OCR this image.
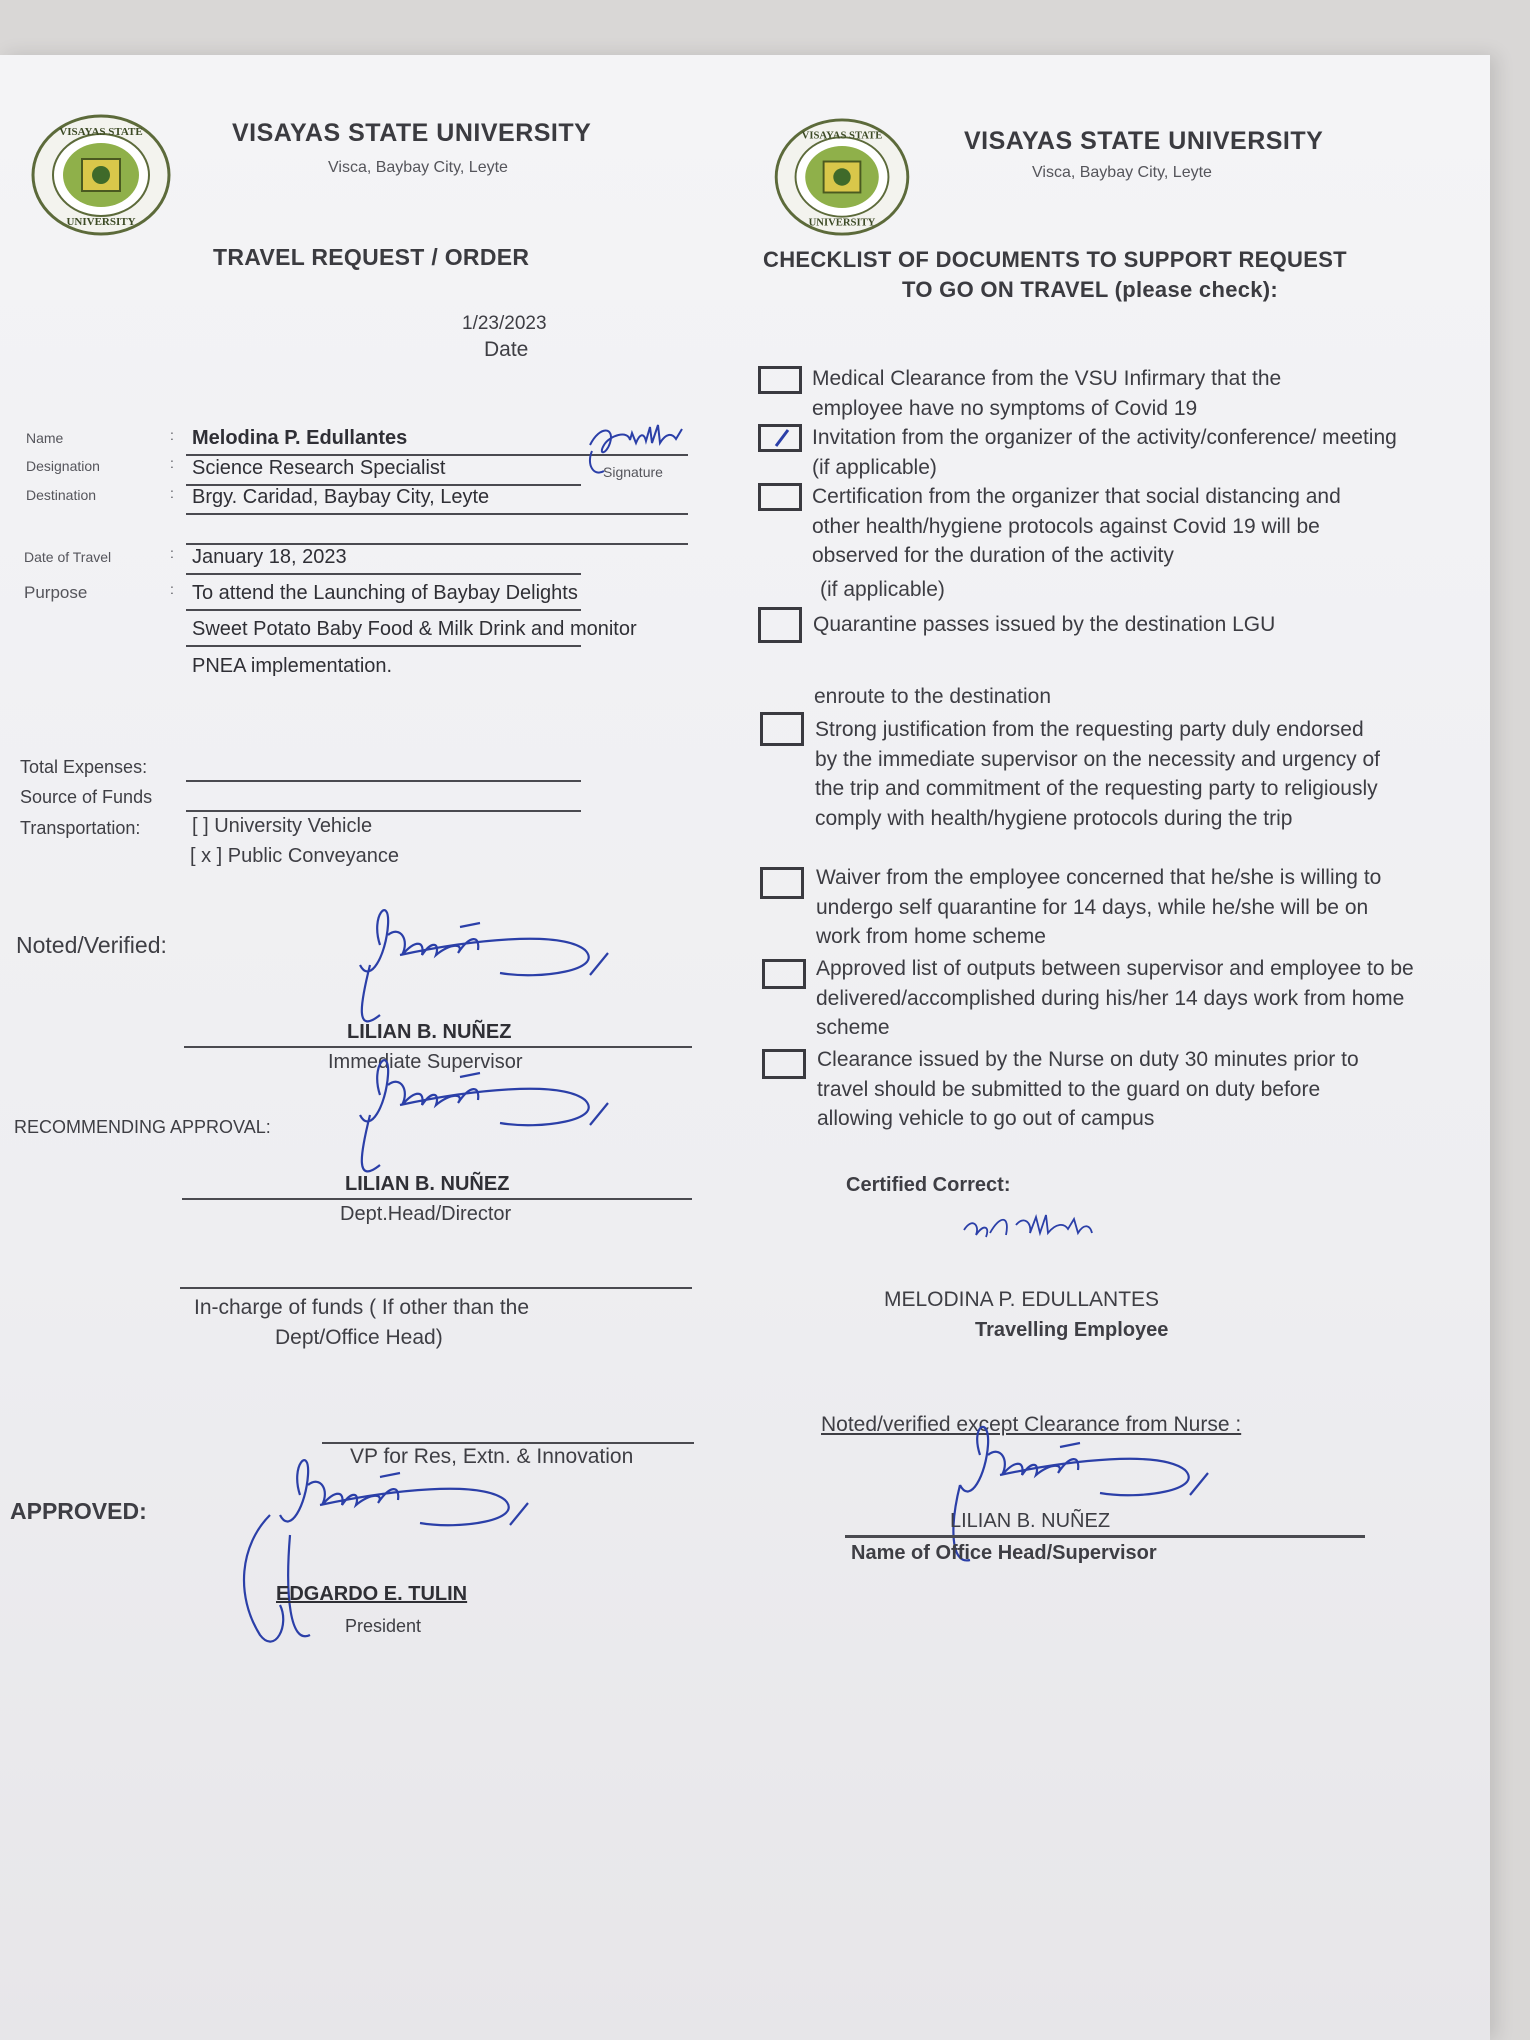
VISAYAS STATE
UNIVERSITY
VISAYAS STATE UNIVERSITY
Visca, Baybay City, Leyte
TRAVEL REQUEST / ORDER
1/23/2023
Date
Name	: Melodina P. Edullantes
Signature
Designation	: Science Research Specialist
Destination	: Brgy. Caridad, Baybay City, Leyte
Date of Travel	: January 18, 2023
Purpose	: To attend the Launching of Baybay Delights
Sweet Potato Baby Food & Milk Drink and monitor
PNEA implementation.
Total Expenses:
Source of Funds
Transportation:	[ ] University Vehicle
[ x ] Public Conveyance
Noted/Verified:
LILIAN B. NUÑEZ
Immediate Supervisor
RECOMMENDING APPROVAL:
LILIAN B. NUÑEZ
Dept.Head/Director
In-charge of funds ( If other than the
Dept/Office Head)
VP for Res, Extn. & Innovation
APPROVED:
EDGARDO E. TULIN
President
VISAYAS STATE
UNIVERSITY
VISAYAS STATE UNIVERSITY
Visca, Baybay City, Leyte
CHECKLIST OF DOCUMENTS TO SUPPORT REQUEST
TO GO ON TRAVEL (please check):
Medical Clearance from the VSU Infirmary that the employee have no symptoms of Covid 19
Invitation from the organizer of the activity/conference/ meeting (if applicable)
Certification from the organizer that social distancing and other health/hygiene protocols against Covid 19 will be observed for the duration of the activity
(if applicable)
Quarantine passes issued by the destination LGU
enroute to the destination
Strong justification from the requesting party duly endorsed by the immediate supervisor on the necessity and urgency of the trip and commitment of the requesting party to religiously comply with health/hygiene protocols during the trip
Waiver from the employee concerned that he/she is willing to undergo self quarantine for 14 days, while he/she will be on work from home scheme
Approved list of outputs between supervisor and employee to be delivered/accomplished during his/her 14 days work from home scheme
Clearance issued by the Nurse on duty 30 minutes prior to travel should be submitted to the guard on duty before allowing vehicle to go out of campus
Certified Correct:
MELODINA P. EDULLANTES
Travelling Employee
Noted/verified except Clearance from Nurse :
LILIAN B. NUÑEZ
Name of Office Head/Supervisor
